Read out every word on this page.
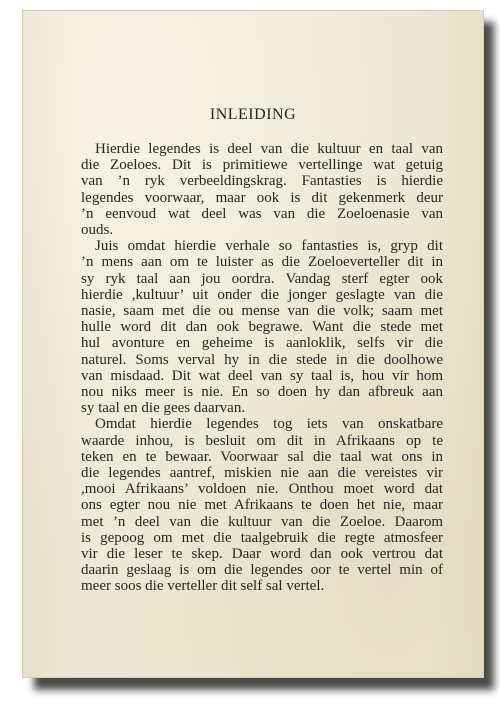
INLEIDING

Hierdie legendes is deel van die kultuur en taal van
die Zoeloes. Dit is primitiewe vertellinge wat getuig
van ’n ryk verbeeldingskrag. Fantasties is hierdie
legendes voorwaar, maar ook is dit gekenmerk deur
’n eenvoud wat deel was van die Zoeloenasie van
ouds.

Juis omdat hierdie verhale so fantasties is, gryp dit
’n mens aan om te luister as die Zoeloeverteller dit in
sy ryk taal aan jou oordra. Vandag sterf egter ook
hierdie ,kultuur’ uit onder die jonger geslagte van die
nasie, saam met die ou mense van die volk; saam met
hulle word dit dan ook begrawe. Want die stede met
hul avonture en geheime is aanloklik, selfs vir die
naturel. Soms verval hy in die stede in die doolhowe
van misdaad. Dit wat deel van sy taal is, hou vir hom
nou niks meer is nie. En so doen hy dan afbreuk aan
sy taal en die gees daarvan.

Omdat hierdie legendes tog iets van onskatbare
waarde inhou, is besluit om dit in Afrikaans op te
teken en te bewaar. Voorwaar sal die taal wat ons in
die legendes aantref, miskien nie aan die vereistes vir
,mooi Afrikaans’ voldoen nie. Onthou moet word dat
ons egter nou nie met Afrikaans te doen het nie, maar
met ’n deel van die kultuur van die Zoeloe. Daarom
is gepoog om met die taalgebruik die regte atmosfeer
vir die leser te skep. Daar word dan ook vertrou dat
daarin geslaag is om die legendes oor te vertel min of
meer soos die verteller dit self sal vertel.
